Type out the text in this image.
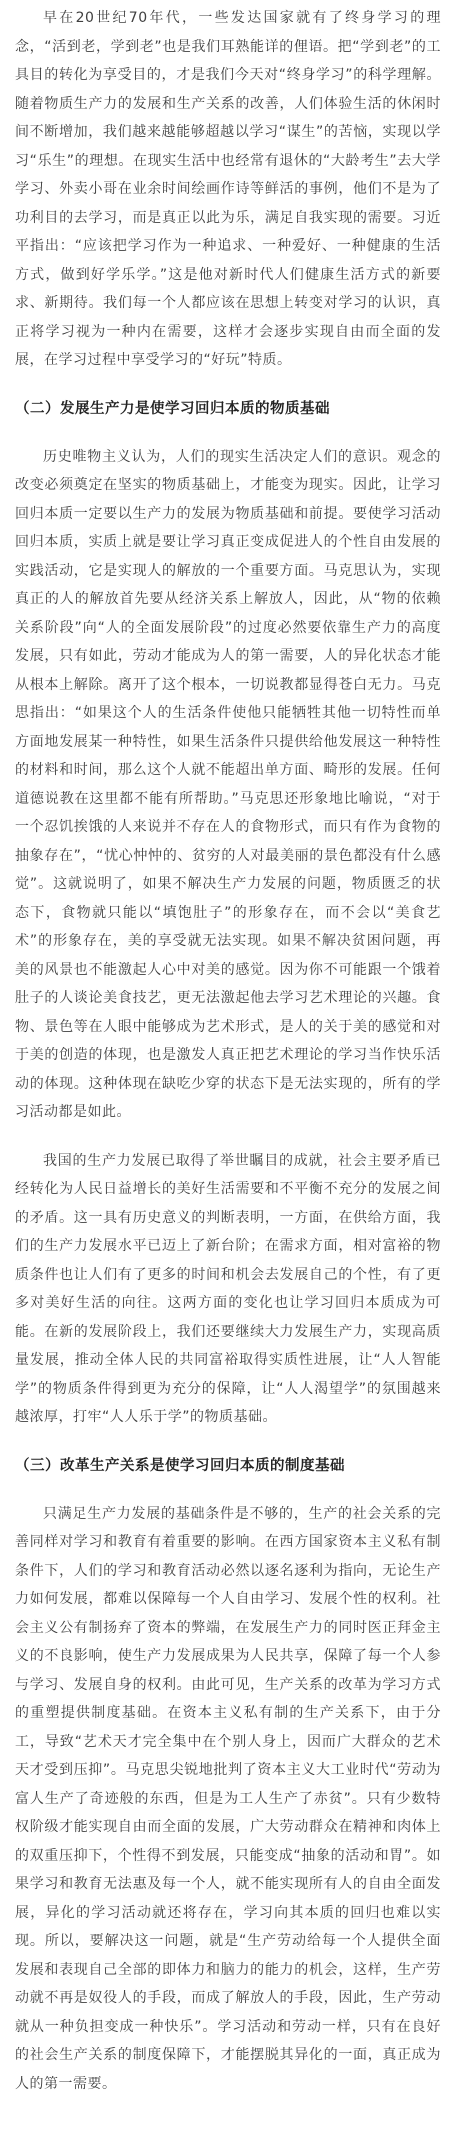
早在20世纪70年代，一些发达国家就有了终身学习的理念，“活到老，学到老”也是我们耳熟能详的俚语。把“学到老”的工具目的转化为享受目的，才是我们今天对“终身学习”的科学理解。随着物质生产力的发展和生产关系的改善，人们体验生活的休闲时间不断增加，我们越来越能够超越以学习“谋生”的苦恼，实现以学习“乐生”的理想。在现实生活中也经常有退休的“大龄考生”去大学学习、外卖小哥在业余时间绘画作诗等鲜活的事例，他们不是为了功利目的去学习，而是真正以此为乐，满足自我实现的需要。习近平指出：“应该把学习作为一种追求、一种爱好、一种健康的生活方式，做到好学乐学。”这是他对新时代人们健康生活方式的新要求、新期待。我们每一个人都应该在思想上转变对学习的认识，真正将学习视为一种内在需要，这样才会逐步实现自由而全面的发展，在学习过程中享受学习的“好玩”特质。

（二）发展生产力是使学习回归本质的物质基础

历史唯物主义认为，人们的现实生活决定人们的意识。观念的改变必须奠定在坚实的物质基础上，才能变为现实。因此，让学习回归本质一定要以生产力的发展为物质基础和前提。要使学习活动回归本质，实质上就是要让学习真正变成促进人的个性自由发展的实践活动，它是实现人的解放的一个重要方面。马克思认为，实现真正的人的解放首先要从经济关系上解放人，因此，从“物的依赖关系阶段”向“人的全面发展阶段”的过度必然要依靠生产力的高度发展，只有如此，劳动才能成为人的第一需要，人的异化状态才能从根本上解除。离开了这个根本，一切说教都显得苍白无力。马克思指出：“如果这个人的生活条件使他只能牺牲其他一切特性而单方面地发展某一种特性，如果生活条件只提供给他发展这一种特性的材料和时间，那么这个人就不能超出单方面、畸形的发展。任何道德说教在这里都不能有所帮助。”马克思还形象地比喻说，“对于一个忍饥挨饿的人来说并不存在人的食物形式，而只有作为食物的抽象存在”，“忧心忡忡的、贫穷的人对最美丽的景色都没有什么感觉”。这就说明了，如果不解决生产力发展的问题，物质匮乏的状态下，食物就只能以“填饱肚子”的形象存在，而不会以“美食艺术”的形象存在，美的享受就无法实现。如果不解决贫困问题，再美的风景也不能激起人心中对美的感觉。因为你不可能跟一个饿着肚子的人谈论美食技艺，更无法激起他去学习艺术理论的兴趣。食物、景色等在人眼中能够成为艺术形式，是人的关于美的感觉和对于美的创造的体现，也是激发人真正把艺术理论的学习当作快乐活动的体现。这种体现在缺吃少穿的状态下是无法实现的，所有的学习活动都是如此。

我国的生产力发展已取得了举世瞩目的成就，社会主要矛盾已经转化为人民日益增长的美好生活需要和不平衡不充分的发展之间的矛盾。这一具有历史意义的判断表明，一方面，在供给方面，我们的生产力发展水平已迈上了新台阶；在需求方面，相对富裕的物质条件也让人们有了更多的时间和机会去发展自己的个性，有了更多对美好生活的向往。这两方面的变化也让学习回归本质成为可能。在新的发展阶段上，我们还要继续大力发展生产力，实现高质量发展，推动全体人民的共同富裕取得实质性进展，让“人人智能学”的物质条件得到更为充分的保障，让“人人渴望学”的氛围越来越浓厚，打牢“人人乐于学”的物质基础。

（三）改革生产关系是使学习回归本质的制度基础

只满足生产力发展的基础条件是不够的，生产的社会关系的完善同样对学习和教育有着重要的影响。在西方国家资本主义私有制条件下，人们的学习和教育活动必然以逐名逐利为指向，无论生产力如何发展，都难以保障每一个人自由学习、发展个性的权利。社会主义公有制扬弃了资本的弊端，在发展生产力的同时医正拜金主义的不良影响，使生产力发展成果为人民共享，保障了每一个人参与学习、发展自身的权利。由此可见，生产关系的改革为学习方式的重塑提供制度基础。在资本主义私有制的生产关系下，由于分工，导致“艺术天才完全集中在个别人身上，因而广大群众的艺术天才受到压抑”。马克思尖锐地批判了资本主义大工业时代“劳动为富人生产了奇迹般的东西，但是为工人生产了赤贫”。只有少数特权阶级才能实现自由而全面的发展，广大劳动群众在精神和肉体上的双重压抑下，个性得不到发展，只能变成“抽象的活动和胃”。如果学习和教育无法惠及每一个人，就不能实现所有人的自由全面发展，异化的学习活动就还将存在，学习向其本质的回归也难以实现。所以，要解决这一问题，就是“生产劳动给每一个人提供全面发展和表现自己全部的即体力和脑力的能力的机会，这样，生产劳动就不再是奴役人的手段，而成了解放人的手段，因此，生产劳动就从一种负担变成一种快乐”。学习活动和劳动一样，只有在良好的社会生产关系的制度保障下，才能摆脱其异化的一面，真正成为人的第一需要。
